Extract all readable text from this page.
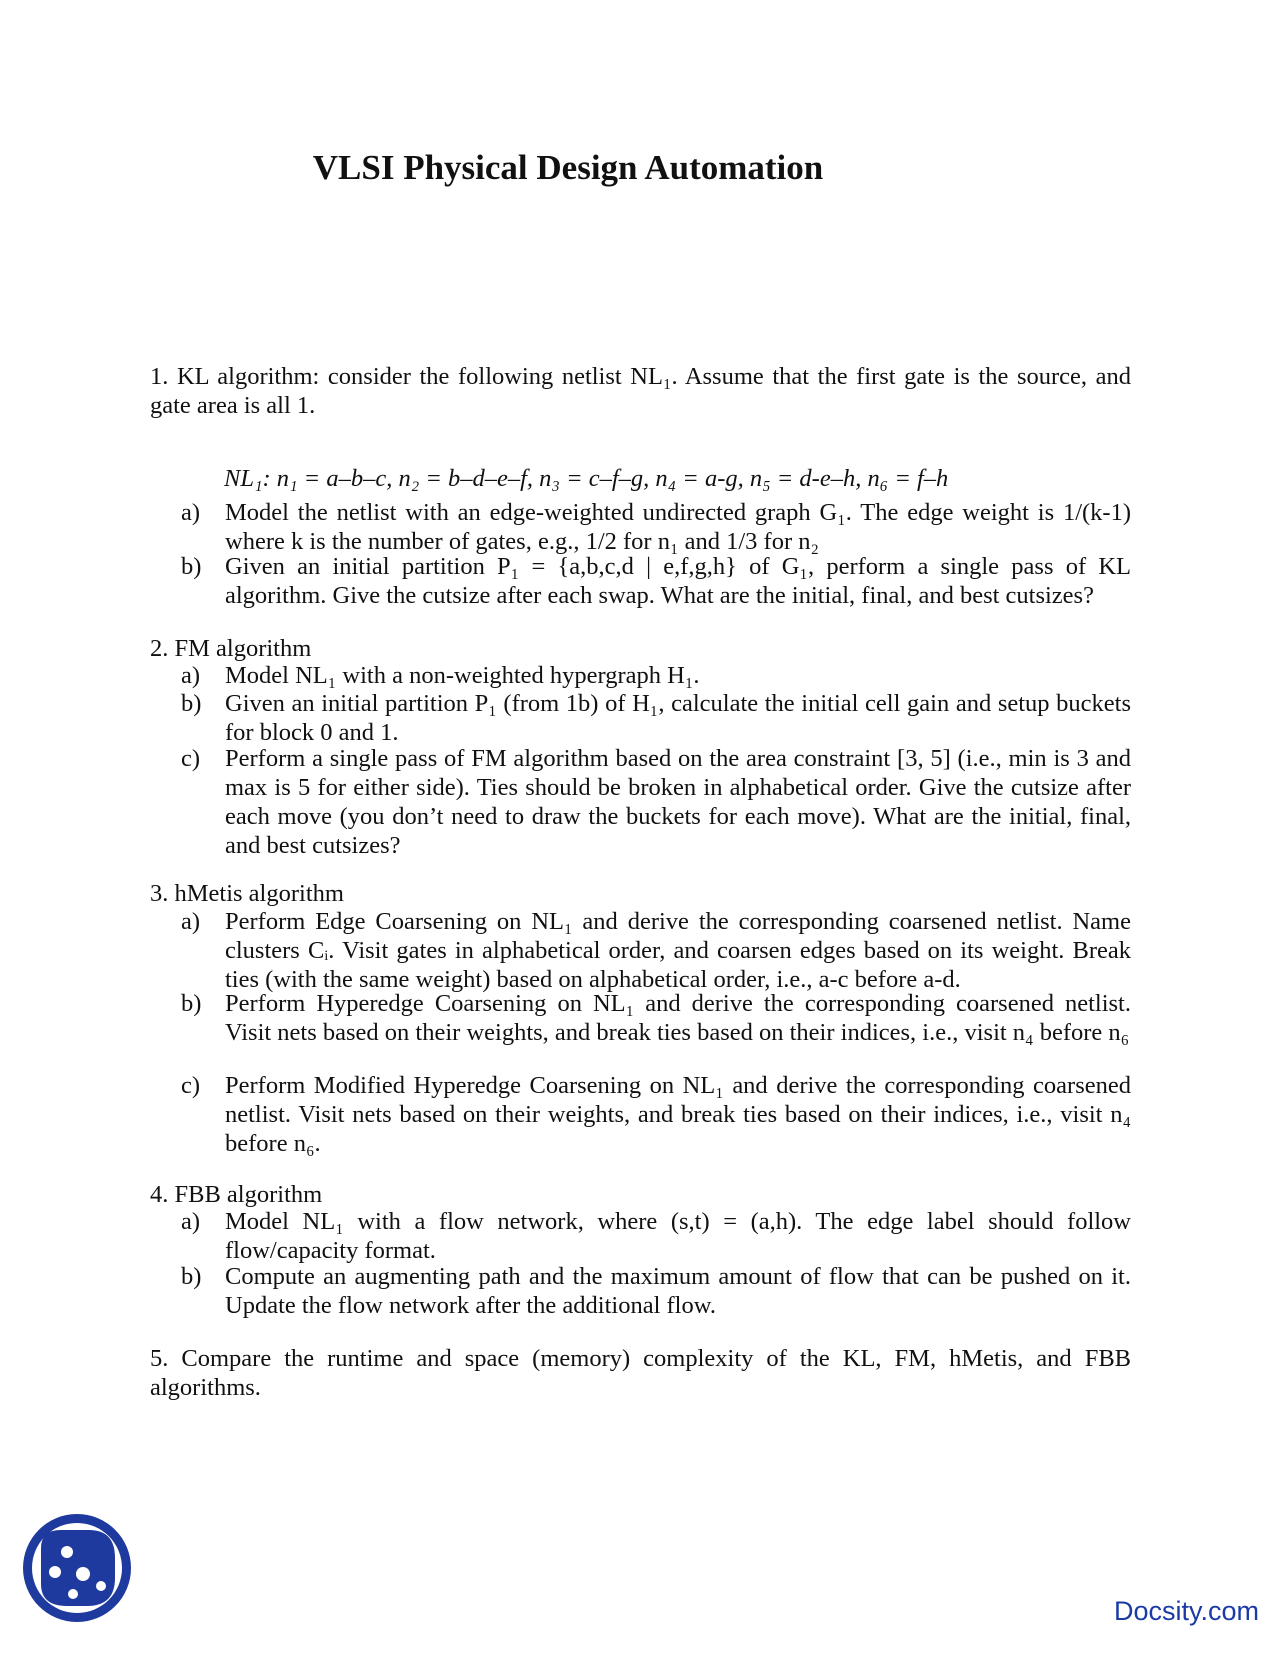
VLSI Physical Design Automation

1. KL algorithm: consider the following netlist NL₁. Assume that the first gate is the source, and gate area is all 1.

NL₁: n₁ = a–b–c, n₂ = b–d–e–f, n₃ = c–f–g, n₄ = a-g, n₅ = d-e–h, n₆ = f–h

a)	Model the netlist with an edge-weighted undirected graph G₁. The edge weight is 1/(k-1) where k is the number of gates, e.g., 1/2 for n₁ and 1/3 for n₂
b) Given an initial partition P₁ = {a,b,c,d | e,f,g,h} of G₁, perform a single pass of KL algorithm. Give the cutsize after each swap. What are the initial, final, and best cutsizes?

2. FM algorithm

a)	Model NL₁ with a non-weighted hypergraph H₁.
b) Given an initial partition P₁ (from 1b) of H₁, calculate the initial cell gain and setup buckets for block 0 and 1.
c)	Perform a single pass of FM algorithm based on the area constraint [3, 5] (i.e., min is 3 and max is 5 for either side). Ties should be broken in alphabetical order. Give the cutsize after each move (you don’t need to draw the buckets for each move). What are the initial, final, and best cutsizes?

3. hMetis algorithm

a)	Perform Edge Coarsening on NL₁ and derive the corresponding coarsened netlist. Name clusters Cᵢ. Visit gates in alphabetical order, and coarsen edges based on its weight. Break ties (with the same weight) based on alphabetical order, i.e., a-c before a-d.
b) Perform Hyperedge Coarsening on NL₁ and derive the corresponding coarsened netlist. Visit nets based on their weights, and break ties based on their indices, i.e., visit n₄ before n₆
c)	Perform Modified Hyperedge Coarsening on NL₁ and derive the corresponding coarsened netlist. Visit nets based on their weights, and break ties based on their indices, i.e., visit n₄ before n₆.

4. FBB algorithm

a)	Model NL₁ with a flow network, where (s,t) = (a,h). The edge label should follow flow/capacity format.
b) Compute an augmenting path and the maximum amount of flow that can be pushed on it. Update the flow network after the additional flow.

5. Compare the runtime and space (memory) complexity of the KL, FM, hMetis, and FBB algorithms.

Docsity.com
